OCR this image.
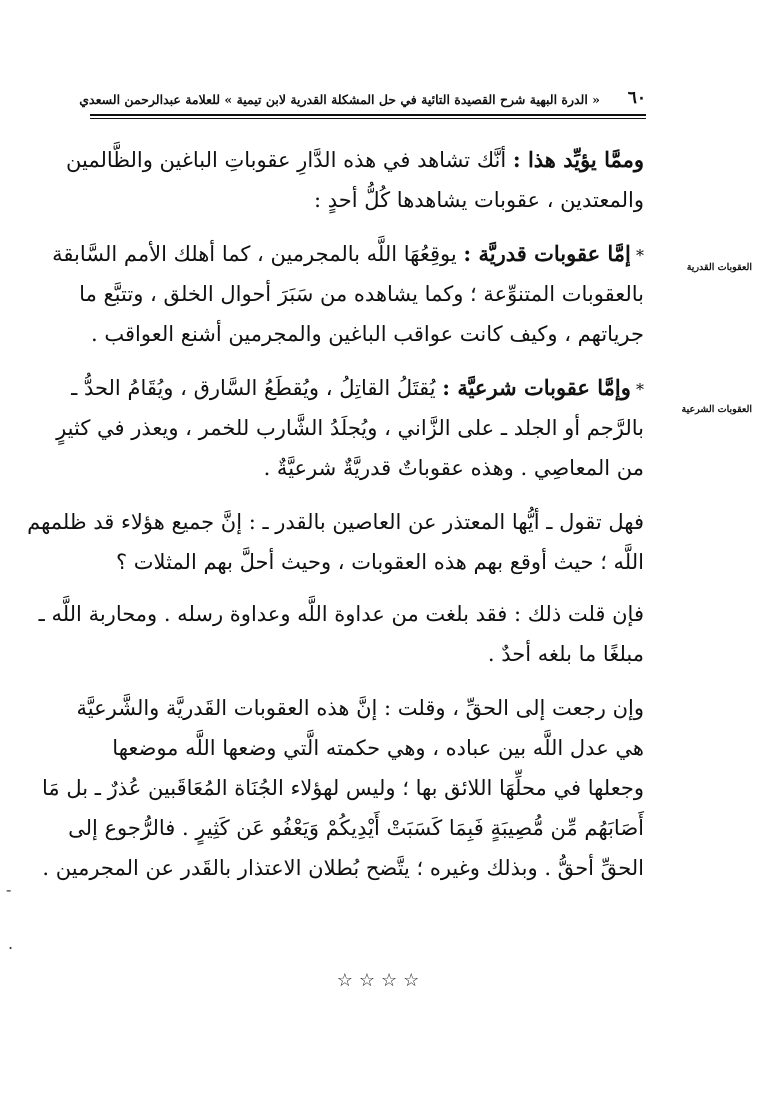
٦٠
« الدرة البهية شرح القصيدة التائية في حل المشكلة القدرية لابن تيمية » للعلامة عبدالرحمن السعدي
العقوبات القدرية
العقوبات الشرعية
وممَّا يؤيِّد هذا : أنَّك تشاهد في هذه الدَّارِ عقوباتِ الباغين والظَّالمين
والمعتدين ، عقوبات يشاهدها كُلُّ أحدٍ :
* إمَّا عقوبات قدريَّة : يوقِعُهَا اللَّه بالمجرمين ، كما أهلك الأمم السَّابقة
بالعقوبات المتنوِّعة ؛ وكما يشاهده من سَبَرَ أحوال الخلق ، وتتبَّع ما
جرياتهم ، وكيف كانت عواقب الباغين والمجرمين أشنع العواقب .
* وإمَّا عقوبات شرعيَّة : يُقتَلُ القاتِلُ ، ويُقطَعُ السَّارق ، ويُقَامُ الحدُّ ـ
بالرَّجم أو الجلد ـ على الزَّاني ، ويُجلَدُ الشَّارب للخمر ، ويعذر في كثيرٍ
من المعاصِي . وهذه عقوباتٌ قدريَّةٌ شرعيَّةٌ .
فهل تقول ـ أيُّها المعتذر عن العاصين بالقدر ـ : إنَّ جميع هؤلاء قد ظلمهم
اللَّه ؛ حيث أوقع بهم هذه العقوبات ، وحيث أحلَّ بهم المثلات ؟
فإن قلت ذلك : فقد بلغت من عداوة اللَّه وعداوة رسله . ومحاربة اللَّه ـ
مبلغًا ما بلغه أحدٌ .
وإن رجعت إلى الحقِّ ، وقلت : إنَّ هذه العقوبات القَدريَّة والشَّرعيَّة
هي عدل اللَّه بين عباده ، وهي حكمته الَّتي وضعها اللَّه موضعها
وجعلها في محلِّهَا اللائق بها ؛ وليس لهؤلاء الجُنَاة المُعَاقَبين عُذرٌ ـ بل مَا
أَصَابَهُم مِّن مُّصِيبَةٍ فَبِمَا كَسَبَتْ أَيْدِيكُمْ وَيَعْفُو عَن كَثِيرٍ . فالرُّجوع إلى
الحقِّ أحقُّ . وبذلك وغيره ؛ يتَّضح بُطلان الاعتذار بالقَدر عن المجرمين .
☆☆☆☆
-
.
